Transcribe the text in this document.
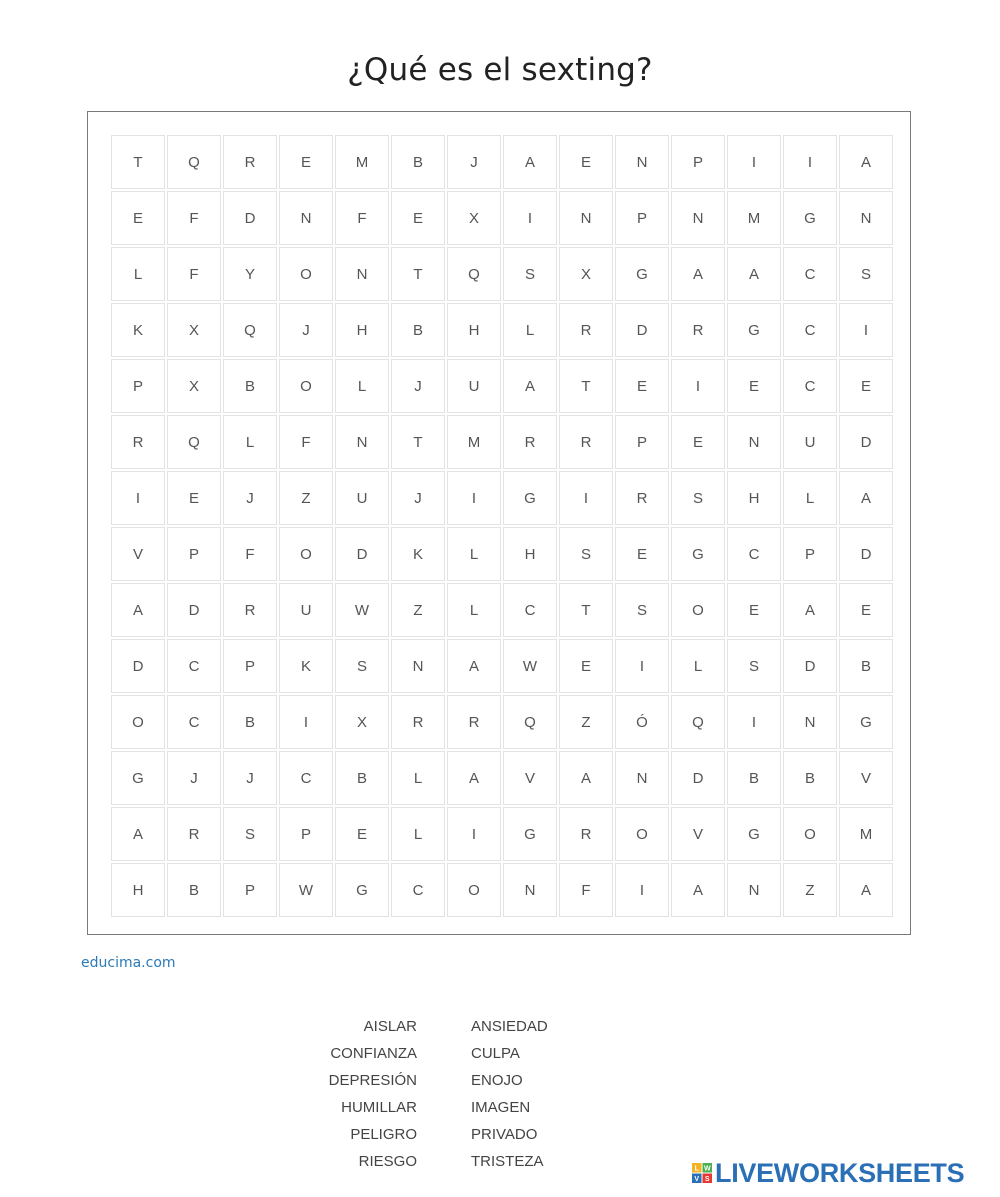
¿Qué es el sexting?
T	Q	R	E	M	B	J	A	E	N	P	I	I	A
E	F	D	N	F	E	X	I	N	P	N	M	G	N
L	F	Y	O	N	T	Q	S	X	G	A	A	C	S
K	X	Q	J	H	B	H	L	R	D	R	G	C	I
P	X	B	O	L	J	U	A	T	E	I	E	C	E
R	Q	L	F	N	T	M	R	R	P	E	N	U	D
I	E	J	Z	U	J	I	G	I	R	S	H	L	A
V	P	F	O	D	K	L	H	S	E	G	C	P	D
A	D	R	U	W	Z	L	C	T	S	O	E	A	E
D	C	P	K	S	N	A	W	E	I	L	S	D	B
O	C	B	I	X	R	R	Q	Z	Ó	Q	I	N	G
G	J	J	C	B	L	A	V	A	N	D	B	B	V
A	R	S	P	E	L	I	G	R	O	V	G	O	M
H	B	P	W	G	C	O	N	F	I	A	N	Z	A
educima.com
AISLAR
CONFIANZA
DEPRESIÓN
HUMILLAR
PELIGRO
RIESGO
ANSIEDAD
CULPA
ENOJO
IMAGEN
PRIVADO
TRISTEZA	L W
V S LIVEWORKSHEETS
